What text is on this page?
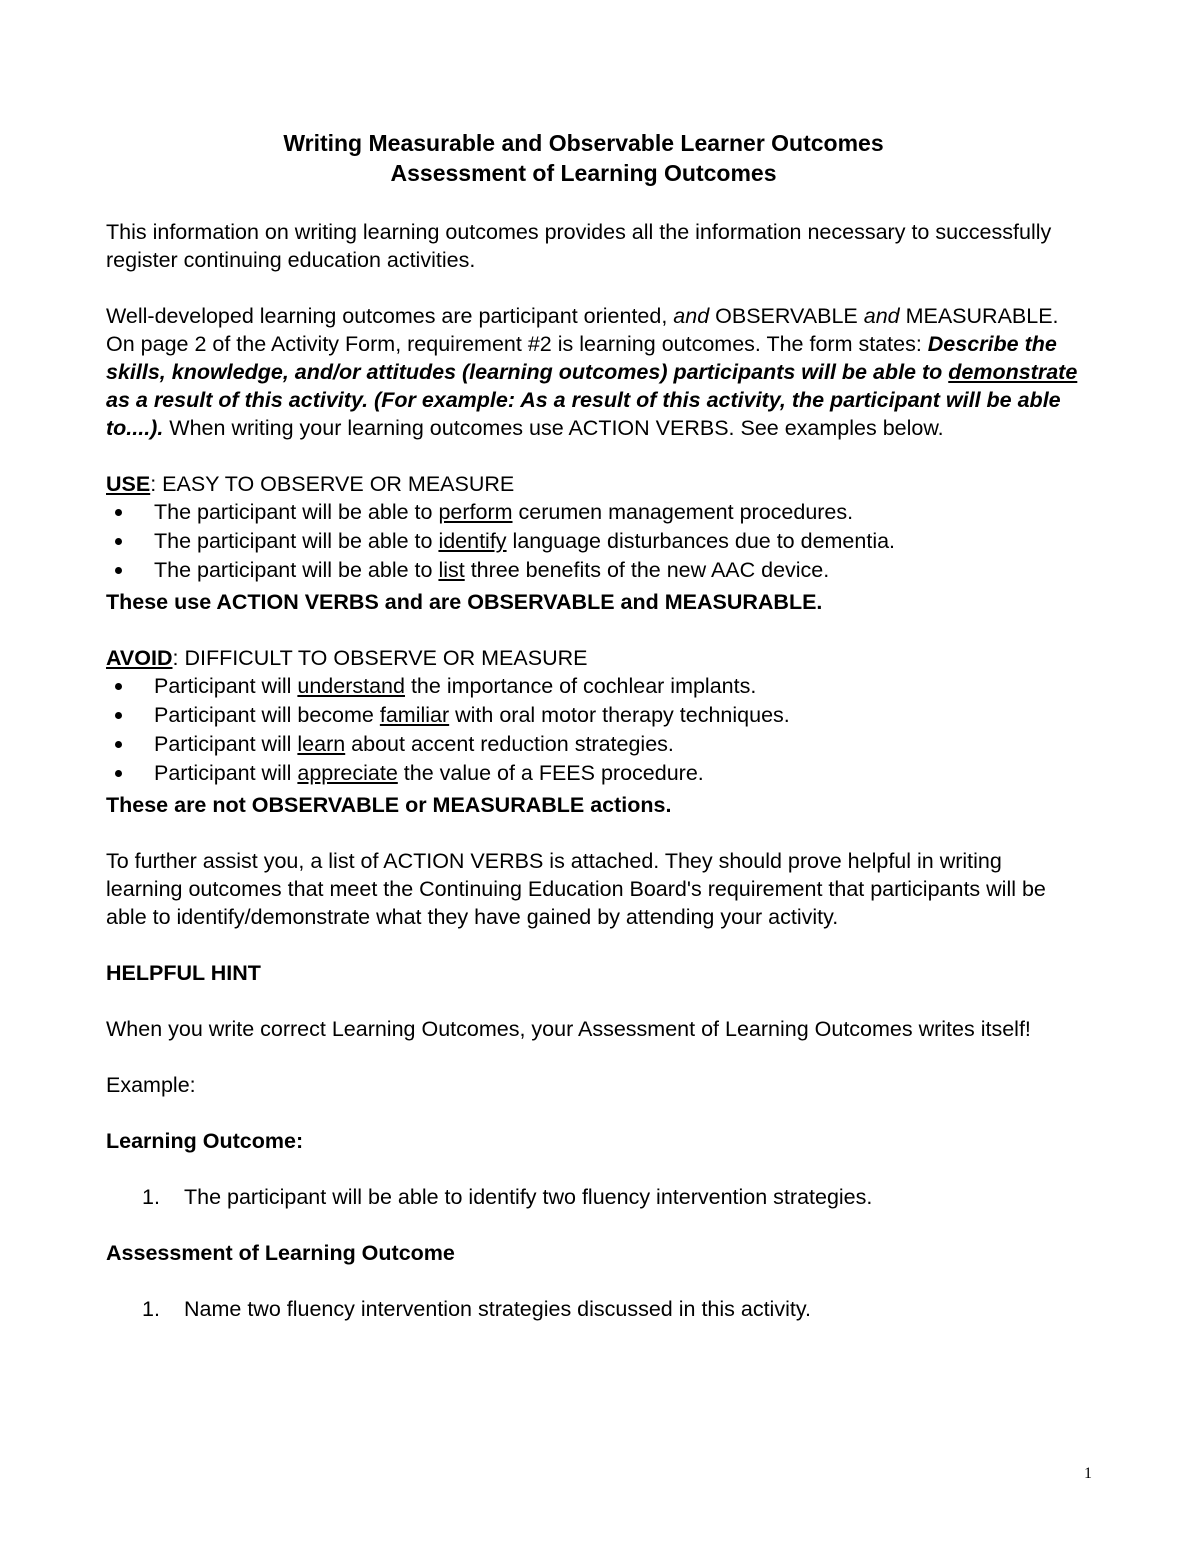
Writing Measurable and Observable Learner Outcomes
Assessment of Learning Outcomes

This information on writing learning outcomes provides all the information necessary to successfully register continuing education activities.

Well-developed learning outcomes are participant oriented, and OBSERVABLE and MEASURABLE. On page 2 of the Activity Form, requirement #2 is learning outcomes. The form states: Describe the skills, knowledge, and/or attitudes (learning outcomes) participants will be able to demonstrate as a result of this activity. (For example: As a result of this activity, the participant will be able to....). When writing your learning outcomes use ACTION VERBS. See examples below.

USE: EASY TO OBSERVE OR MEASURE

The participant will be able to perform cerumen management procedures.
The participant will be able to identify language disturbances due to dementia.
The participant will be able to list three benefits of the new AAC device.

These use ACTION VERBS and are OBSERVABLE and MEASURABLE.

AVOID: DIFFICULT TO OBSERVE OR MEASURE

Participant will understand the importance of cochlear implants.
Participant will become familiar with oral motor therapy techniques.
Participant will learn about accent reduction strategies.
Participant will appreciate the value of a FEES procedure.

These are not OBSERVABLE or MEASURABLE actions.

To further assist you, a list of ACTION VERBS is attached. They should prove helpful in writing learning outcomes that meet the Continuing Education Board's requirement that participants will be able to identify/demonstrate what they have gained by attending your activity.

HELPFUL HINT

When you write correct Learning Outcomes, your Assessment of Learning Outcomes writes itself!

Example:

Learning Outcome:

1. The participant will be able to identify two fluency intervention strategies.

Assessment of Learning Outcome

1. Name two fluency intervention strategies discussed in this activity.

1
